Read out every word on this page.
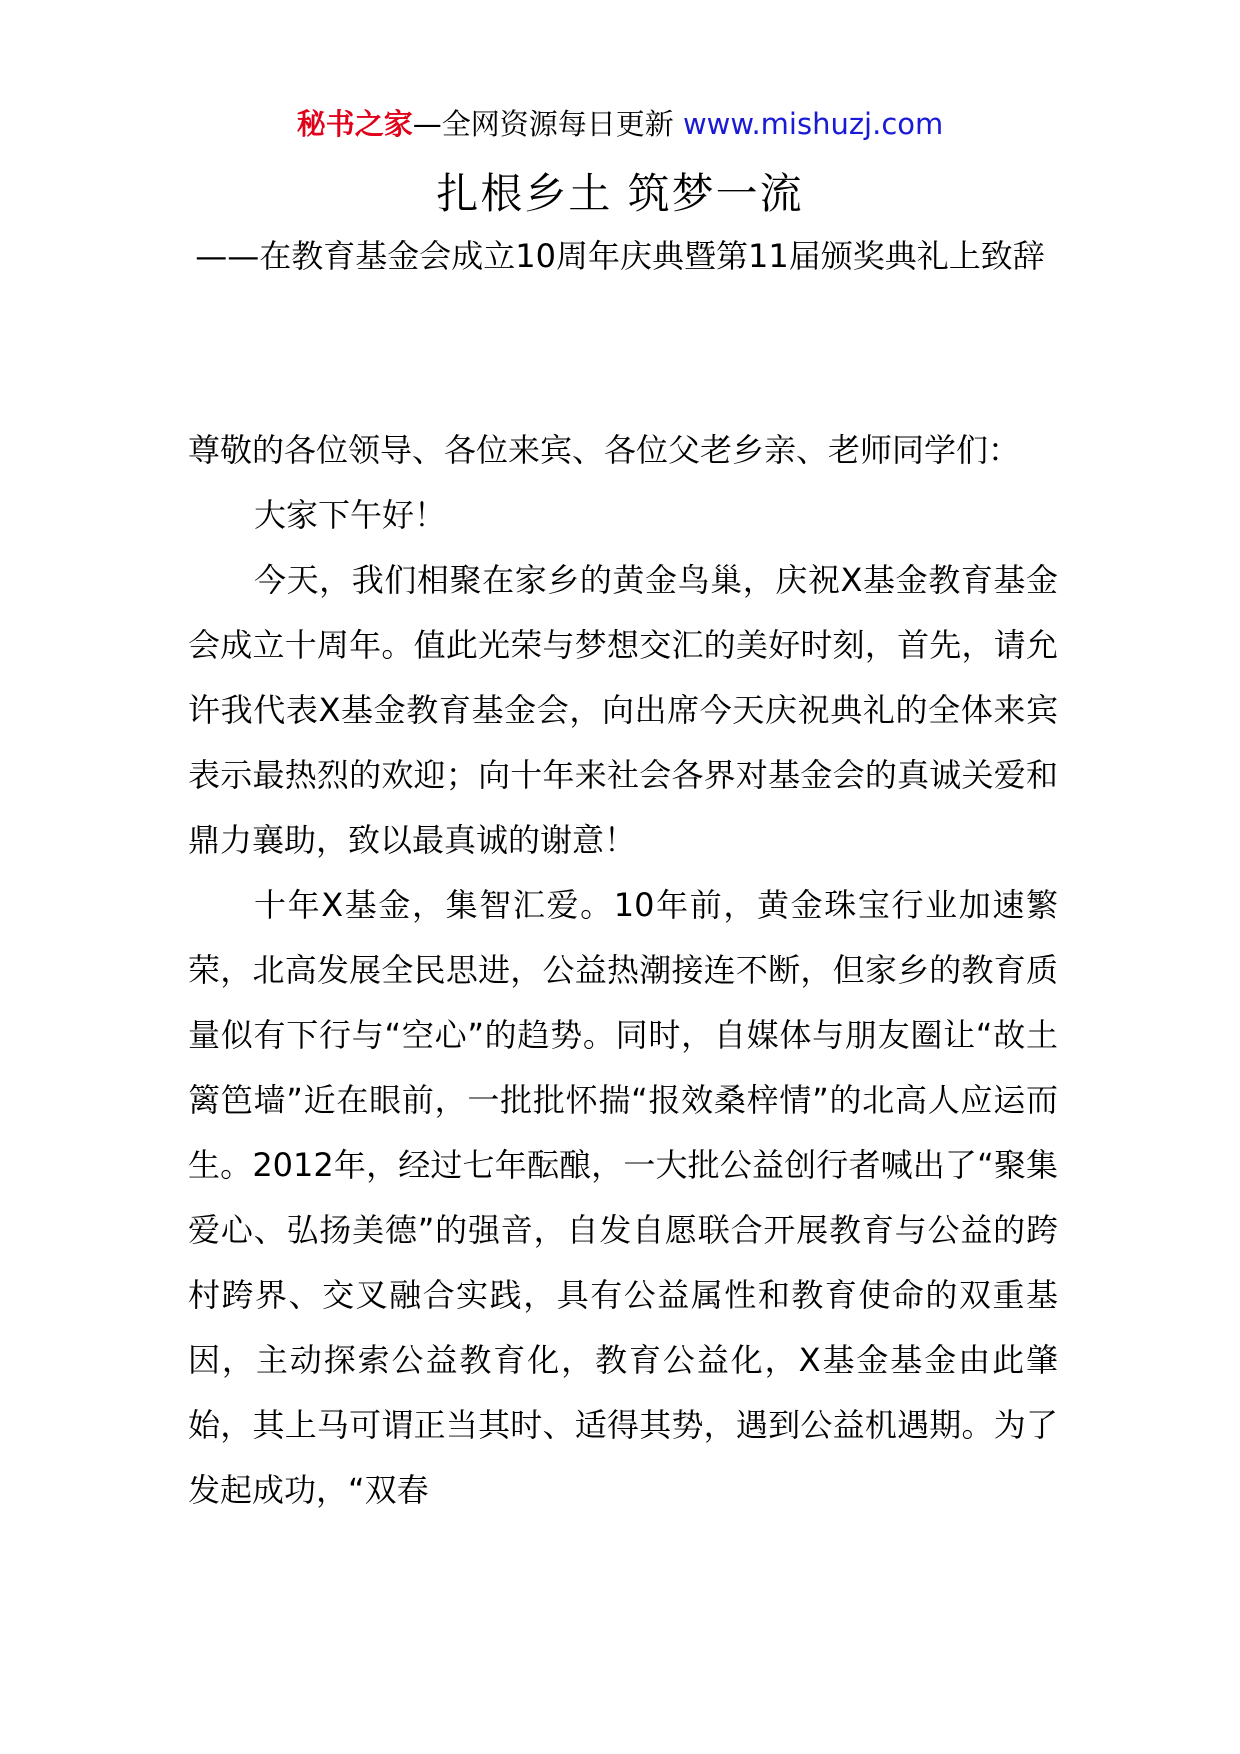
秘书之家—全网资源每日更新 www.mishuzj.com
扎根乡土 筑梦一流

——在教育基金会成立10周年庆典暨第11届颁奖典礼上致辞

尊敬的各位领导、各位来宾、各位父老乡亲、老师同学们：

大家下午好！

今天，我们相聚在家乡的黄金鸟巢，庆祝X基金教育基金会成立十周年。值此光荣与梦想交汇的美好时刻，首先，请允许我代表X基金教育基金会，向出席今天庆祝典礼的全体来宾表示最热烈的欢迎；向十年来社会各界对基金会的真诚关爱和鼎力襄助，致以最真诚的谢意！

十年X基金，集智汇爱。10年前，黄金珠宝行业加速繁荣，北高发展全民思进，公益热潮接连不断，但家乡的教育质量似有下行与“空心”的趋势。同时，自媒体与朋友圈让“故土篱笆墙”近在眼前，一批批怀揣“报效桑梓情”的北高人应运而生。2012年，经过七年酝酿，一大批公益创行者喊出了“聚集爱心、弘扬美德”的强音，自发自愿联合开展教育与公益的跨村跨界、交叉融合实践，具有公益属性和教育使命的双重基因，主动探索公益教育化，教育公益化，X基金基金由此肇始，其上马可谓正当其时、适得其势，遇到公益机遇期。为了发起成功，“双春
